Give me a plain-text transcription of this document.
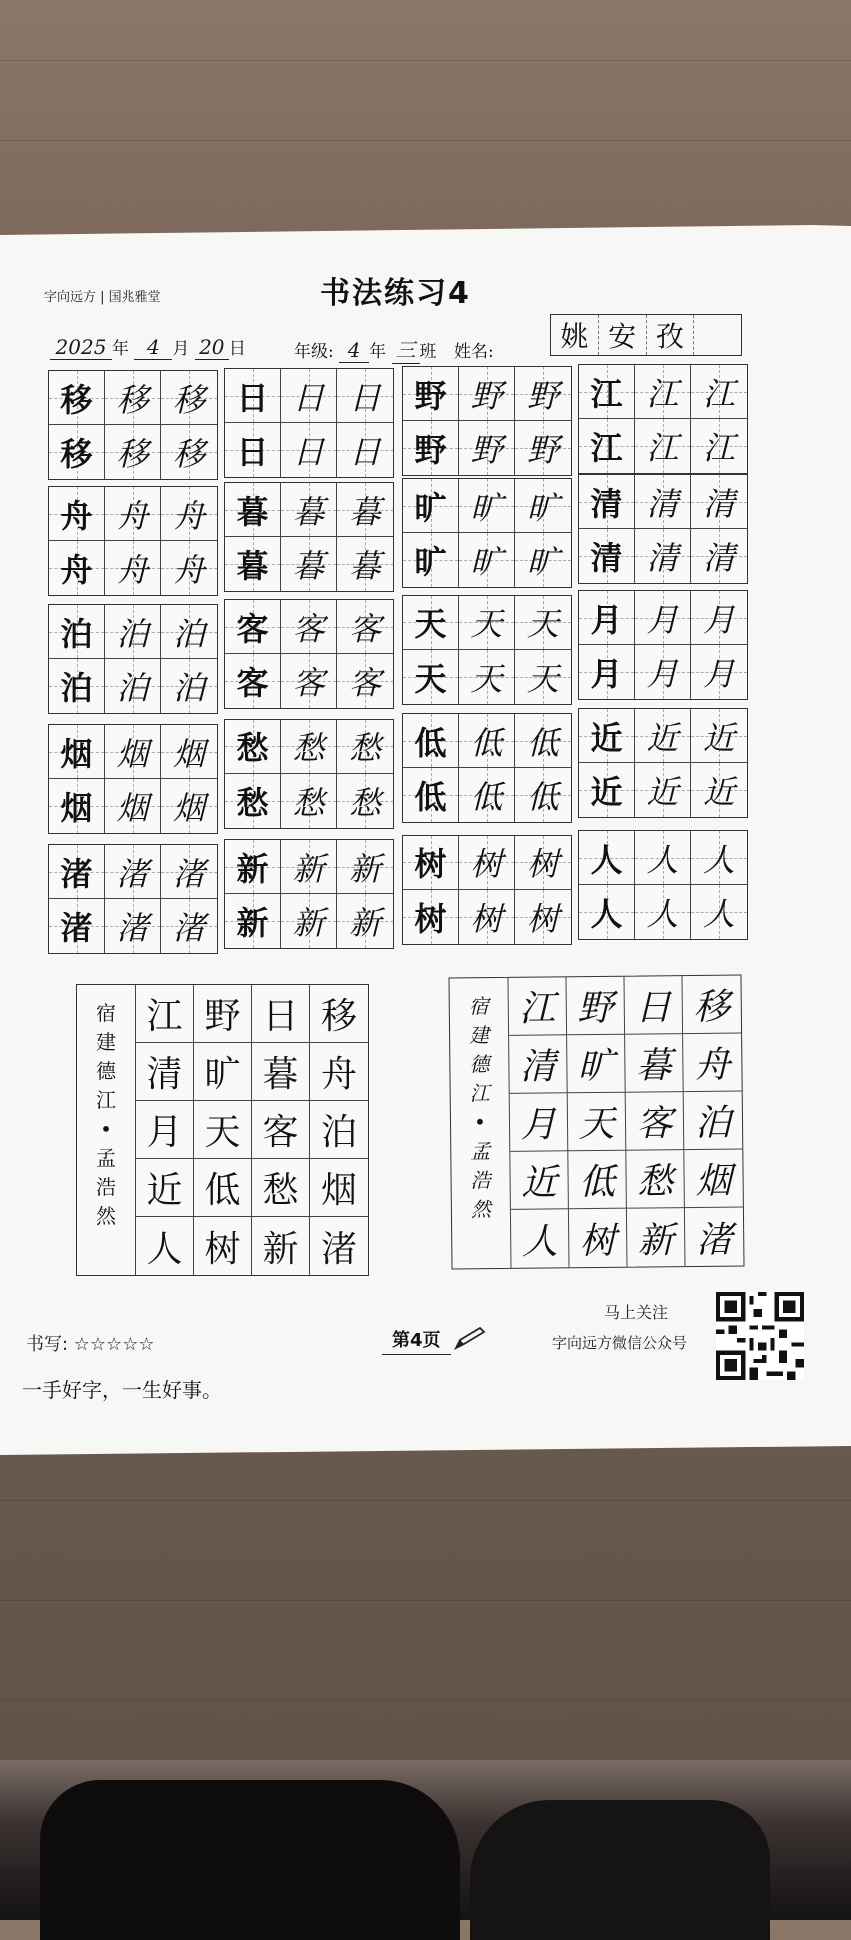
字向远方 | 国兆雅堂	书法练习4
2025 年 4 月 20 日	年级: 4 年 三 班 姓名:	姚 安 孜
移 移 移
移 移 移
日 日 日
日 日 日
野 野 野
野 野 野
江 江 江
江 江 江
舟 舟 舟
舟 舟 舟
暮 暮 暮
暮 暮 暮
旷 旷 旷
旷 旷 旷
清 清 清
清 清 清
泊 泊 泊
泊 泊 泊
客 客 客
客 客 客
天 天 天
天 天 天
月 月 月
月 月 月
烟 烟 烟
烟 烟 烟
愁 愁 愁
愁 愁 愁
低 低 低
低 低 低
近 近 近
近 近 近
渚 渚 渚
渚 渚 渚
新 新 新
新 新 新
树 树 树
树 树 树
人 人 人
人 人 人
宿
建
德
江
•
孟
浩
然
江 野 日 移
清 旷 暮 舟
月 天 客 泊
近 低 愁 烟
人 树 新 渚
宿
建
德
江
•
孟
浩
然
江 野 日 移
清 旷 暮 舟
月 天 客 泊
近 低 愁 烟
人 树 新 渚
书写: ☆☆☆☆☆
一手好字，一生好事。
第4页
马上关注
字向远方微信公众号
